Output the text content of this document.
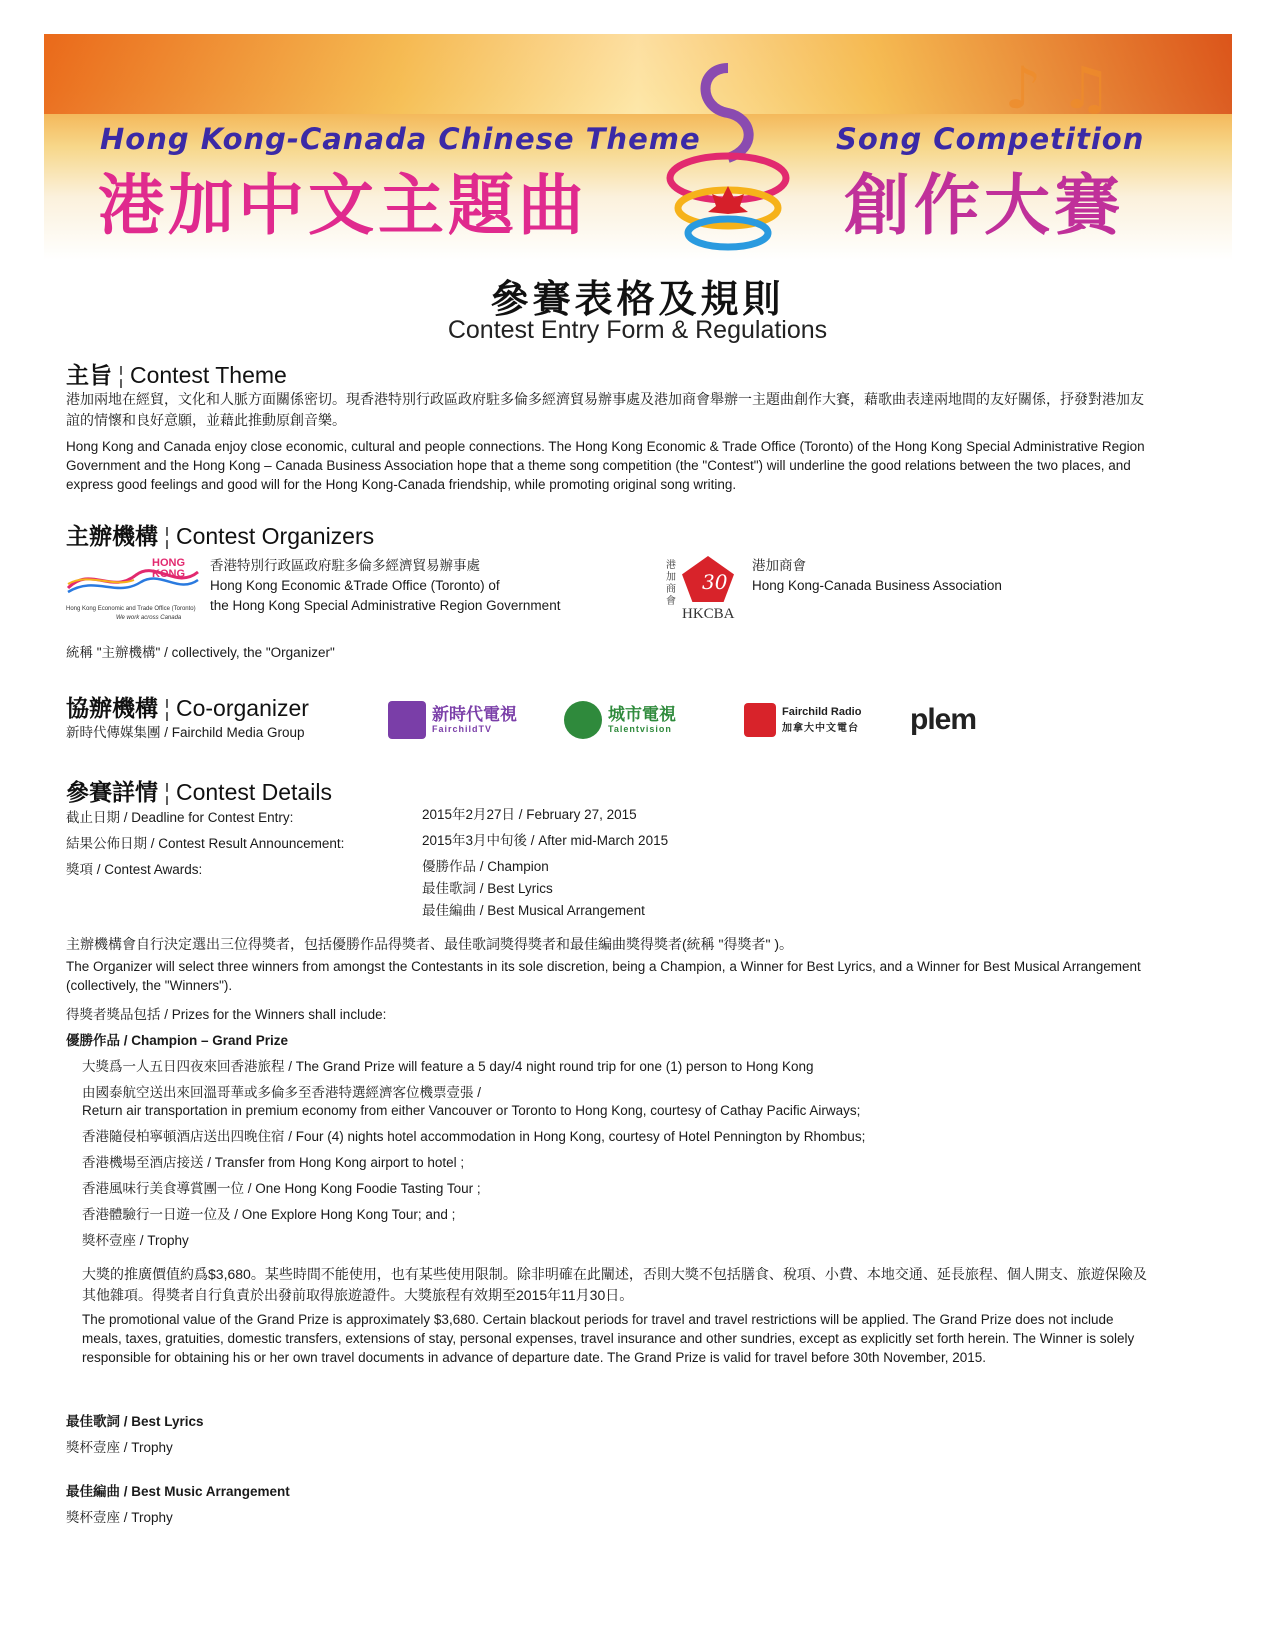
♪ ♫
Hong Kong-Canada Chinese Theme	Song Competition
港加中文主題曲	創作大賽
參賽表格及規則
Contest Entry Form & Regulations
主旨 ¦ Contest Theme
港加兩地在經貿，文化和人脈方面關係密切。現香港特別行政區政府駐多倫多經濟貿易辦事處及港加商會舉辦一主題曲創作大賽，藉歌曲表達兩地間的友好關係，抒發對港加友誼的情懷和良好意願，並藉此推動原創音樂。
Hong Kong and Canada enjoy close economic, cultural and people connections. The Hong Kong Economic & Trade Office (Toronto) of the Hong Kong Special Administrative Region Government and the Hong Kong – Canada Business Association hope that a theme song competition (the "Contest") will underline the good relations between the two places, and express good feelings and good will for the Hong Kong-Canada friendship, while promoting original song writing.
主辦機構 ¦ Contest Organizers
HONG KONG
Hong Kong Economic and Trade Office (Toronto)
We work across Canada
香港特別行政區政府駐多倫多經濟貿易辦事處
Hong Kong Economic &Trade Office (Toronto) of
the Hong Kong Special Administrative Region Government
港加商會
30
HKCBA
港加商會
Hong Kong-Canada Business Association
統稱 "主辦機構" / collectively, the "Organizer"
協辦機構 ¦ Co-organizer
新時代傳媒集團 / Fairchild Media Group
新時代電視
FairchildTV
城市電視
Talentvision
Fairchild Radio
加拿大中文電台 plem
參賽詳情 ¦ Contest Details
截止日期 / Deadline for Contest Entry:	2015年2月27日 / February 27, 2015
結果公佈日期 / Contest Result Announcement:	2015年3月中旬後 / After mid-March 2015
獎項 / Contest Awards:	優勝作品 / Champion
最佳歌詞 / Best Lyrics
最佳編曲 / Best Musical Arrangement
主辦機構會自行決定選出三位得獎者，包括優勝作品得獎者、最佳歌詞獎得獎者和最佳編曲獎得獎者(統稱 "得獎者" )。
The Organizer will select three winners from amongst the Contestants in its sole discretion, being a Champion, a Winner for Best Lyrics, and a Winner for Best Musical Arrangement (collectively, the "Winners").
得獎者獎品包括 / Prizes for the Winners shall include:
優勝作品 / Champion – Grand Prize
大獎爲一人五日四夜來回香港旅程 / The Grand Prize will feature a 5 day/4 night round trip for one (1) person to Hong Kong
由國泰航空送出來回溫哥華或多倫多至香港特選經濟客位機票壹張 /
Return air transportation in premium economy from either Vancouver or Toronto to Hong Kong, courtesy of Cathay Pacific Airways;
香港隨侵柏寧頓酒店送出四晚住宿 / Four (4) nights hotel accommodation in Hong Kong, courtesy of Hotel Pennington by Rhombus;
香港機場至酒店接送 / Transfer from Hong Kong airport to hotel ;
香港風味行美食導賞團一位 / One Hong Kong Foodie Tasting Tour ;
香港體驗行一日遊一位及 / One Explore Hong Kong Tour; and ;
獎杯壹座 / Trophy
大獎的推廣價值約爲$3,680。某些時間不能使用，也有某些使用限制。除非明確在此闡述，否則大獎不包括膳食、稅項、小費、本地交通、延長旅程、個人開支、旅遊保險及其他雜項。得獎者自行負責於出發前取得旅遊證件。大獎旅程有效期至2015年11月30日。
The promotional value of the Grand Prize is approximately $3,680. Certain blackout periods for travel and travel restrictions will be applied. The Grand Prize does not include meals, taxes, gratuities, domestic transfers, extensions of stay, personal expenses, travel insurance and other sundries, except as explicitly set forth herein. The Winner is solely responsible for obtaining his or her own travel documents in advance of departure date. The Grand Prize is valid for travel before 30th November, 2015.
最佳歌詞 / Best Lyrics
獎杯壹座 / Trophy
最佳編曲 / Best Music Arrangement
獎杯壹座 / Trophy
